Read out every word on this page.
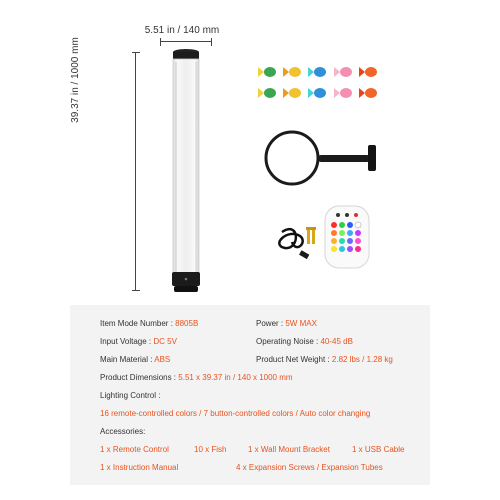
5.51 in / 140 mm
39.37 in / 1000 mm
Item Mode Number : 8805B	Power : 5W MAX
Input Voltage : DC 5V	Operating Noise : 40-45 dB
Main Material : ABS	Product Net Weight : 2.82 lbs / 1.28 kg
Product Dimensions : 5.51 x 39.37 in / 140 x 1000 mm
Lighting Control :
16 remote-controlled colors / 7 button-controlled colors / Auto color changing
Accessories:
1 x Remote Control	10 x Fish	1 x Wall Mount Bracket	1 x USB Cable
1 x Instruction Manual	4 x Expansion Screws / Expansion Tubes
